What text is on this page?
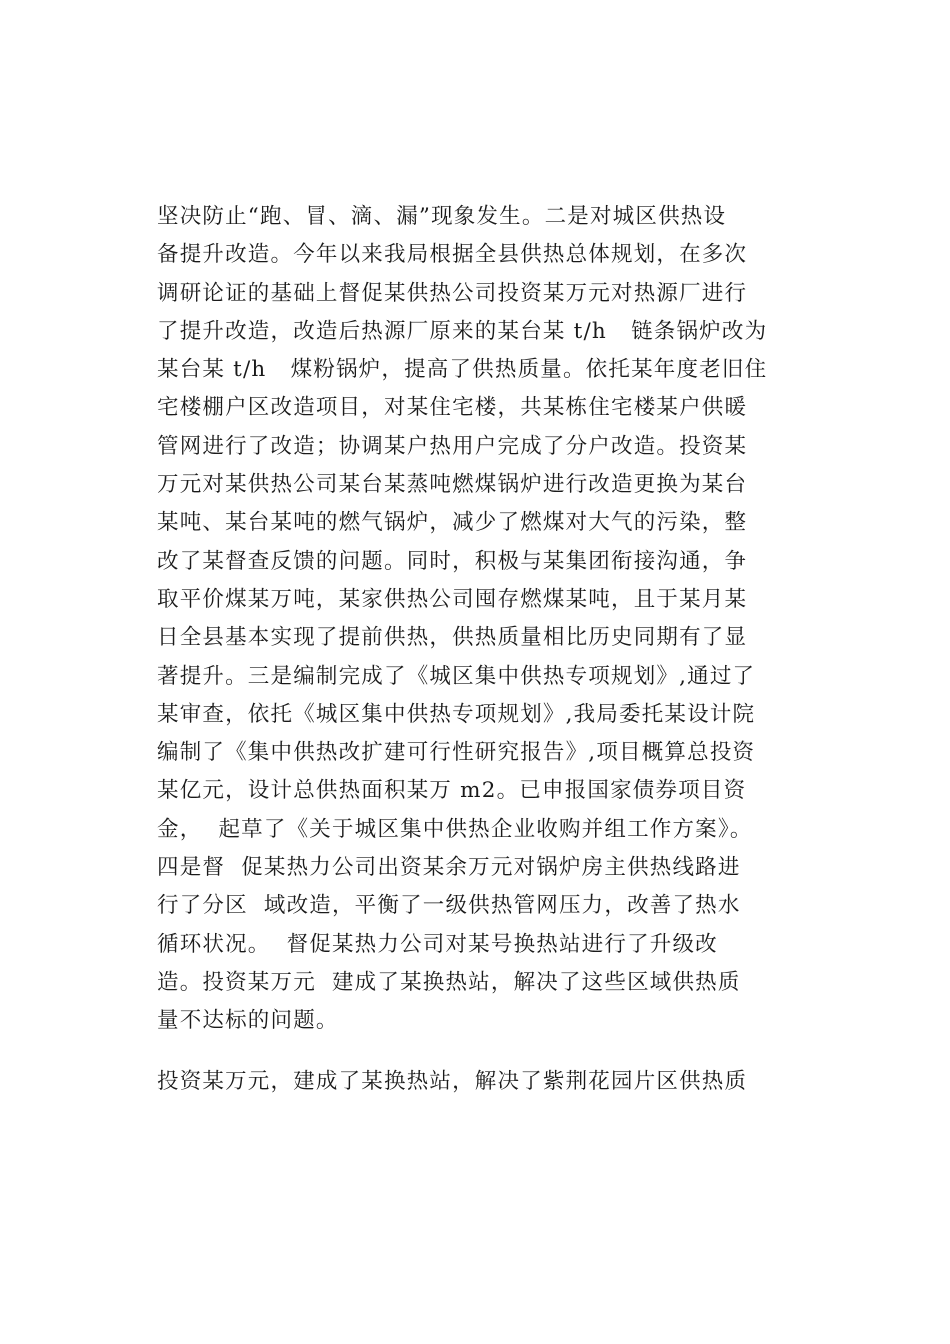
坚决防止“跑、冒、滴、漏”现象发生。二是对城区供热设
备提升改造。今年以来我局根据全县供热总体规划，在多次
调研论证的基础上督促某供热公司投资某万元对热源厂进行
了提升改造，改造后热源厂原来的某台某 t/h   链条锅炉改为
某台某 t/h   煤粉锅炉，提高了供热质量。依托某年度老旧住
宅楼棚户区改造项目，对某住宅楼，共某栋住宅楼某户供暖
管网进行了改造；协调某户热用户完成了分户改造。投资某
万元对某供热公司某台某蒸吨燃煤锅炉进行改造更换为某台
某吨、某台某吨的燃气锅炉，减少了燃煤对大气的污染，整
改了某督查反馈的问题。同时，积极与某集团衔接沟通，争
取平价煤某万吨，某家供热公司囤存燃煤某吨，且于某月某
日全县基本实现了提前供热，供热质量相比历史同期有了显
著提升。三是编制完成了《城区集中供热专项规划》,通过了
某审查，依托《城区集中供热专项规划》,我局委托某设计院
编制了《集中供热改扩建可行性研究报告》,项目概算总投资
某亿元，设计总供热面积某万 m2。已申报国家债券项目资
金，  起草了《关于城区集中供热企业收购并组工作方案》。
四是督  促某热力公司出资某余万元对锅炉房主供热线路进
行了分区  域改造，平衡了一级供热管网压力，改善了热水
循环状况。  督促某热力公司对某号换热站进行了升级改
造。投资某万元  建成了某换热站，解决了这些区域供热质
量不达标的问题。
投资某万元，建成了某换热站，解决了紫荆花园片区供热质
